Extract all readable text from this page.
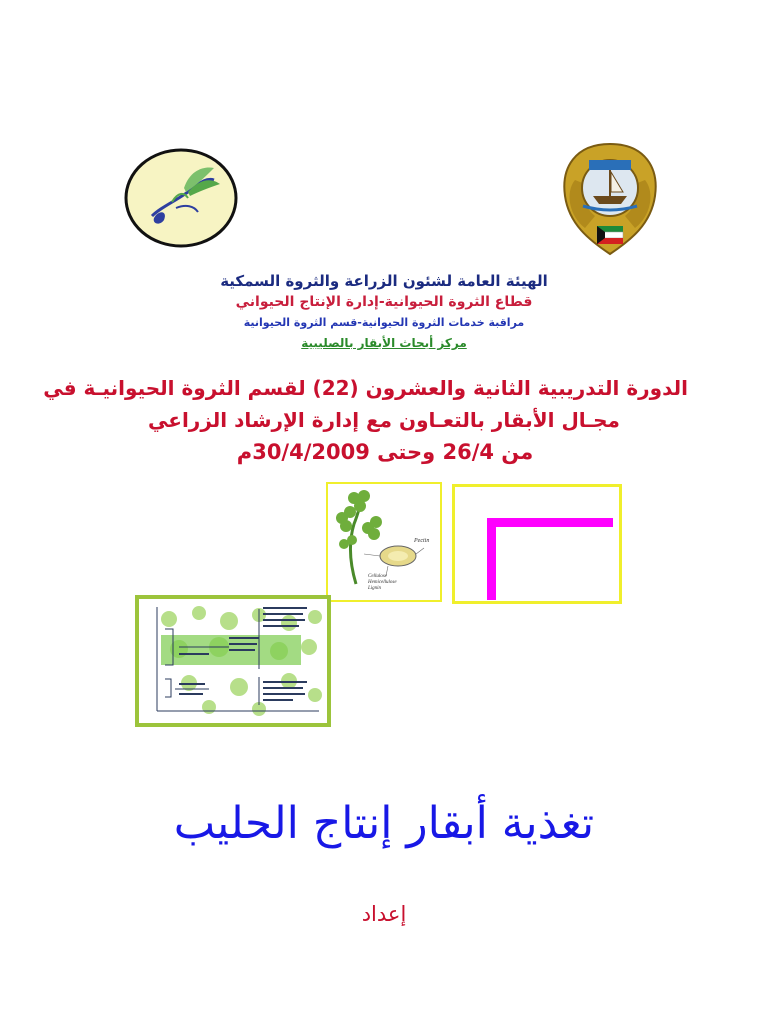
الهيئة العامة لشئون الزراعة والثروة السمكية
قطاع الثروة الحيوانية-إدارة الإنتاج الحيواني
مراقبة خدمات الثروة الحيوانية-قسم الثروة الحيوانية
مركز أبحاث الأبقار بالصليبية
الدورة التدريبية الثانية والعشرون (22) لقسم الثروة الحيوانيـة في
مجـال الأبقار بالتعـاون مع إدارة الإرشاد الزراعي
من 26/4 وحتى 30/4/2009م
Pectin
Cellulose Hemicellulose Lignin
تغذية أبقار إنتاج الحليب
إعداد
